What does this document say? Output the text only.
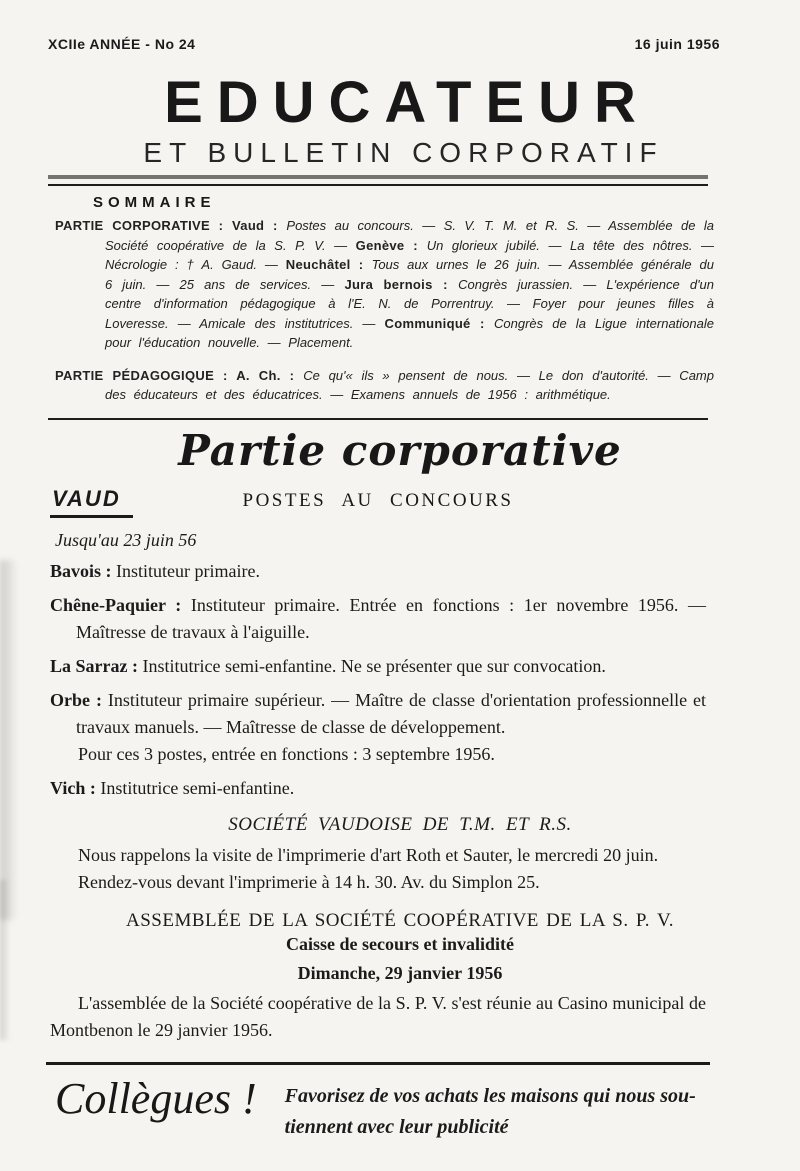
XCIIe ANNÉE - No 24	16 juin 1956
EDUCATEUR
ET BULLETIN CORPORATIF
SOMMAIRE

PARTIE CORPORATIVE : Vaud : Postes au concours. — S. V. T. M. et R. S. — Assemblée de la Société coopérative de la S. P. V. — Genève : Un glorieux jubilé. — La tête des nôtres. — Nécrologie : † A. Gaud. — Neuchâtel : Tous aux urnes le 26 juin. — Assemblée générale du 6 juin. — 25 ans de services. — Jura bernois : Congrès jurassien. — L'expérience d'un centre d'information pédagogique à l'E. N. de Porrentruy. — Foyer pour jeunes filles à Loveresse. — Amicale des institutrices. — Communiqué : Congrès de la Ligue internationale pour l'éducation nouvelle. — Placement.

PARTIE PÉDAGOGIQUE : A. Ch. : Ce qu'« ils » pensent de nous. — Le don d'autorité. — Camp des éducateurs et des éducatrices. — Examens annuels de 1956 : arithmétique.

Partie corporative
VAUD	POSTES AU CONCOURS
Jusqu'au 23 juin 56

Bavois : Instituteur primaire.

Chêne-Paquier : Instituteur primaire. Entrée en fonctions : 1er novembre 1956. — Maîtresse de travaux à l'aiguille.

La Sarraz : Institutrice semi-enfantine. Ne se présenter que sur convocation.

Orbe : Instituteur primaire supérieur. — Maître de classe d'orientation professionnelle et travaux manuels. — Maîtresse de classe de développement.

Pour ces 3 postes, entrée en fonctions : 3 septembre 1956.

Vich : Institutrice semi-enfantine.

SOCIÉTÉ VAUDOISE DE T.M. ET R.S.

Nous rappelons la visite de l'imprimerie d'art Roth et Sauter, le mercredi 20 juin.

Rendez-vous devant l'imprimerie à 14 h. 30. Av. du Simplon 25.

ASSEMBLÉE DE LA SOCIÉTÉ COOPÉRATIVE DE LA S. P. V.
Caisse de secours et invalidité
Dimanche, 29 janvier 1956

L'assemblée de la Société coopérative de la S. P. V. s'est réunie au Casino municipal de Montbenon le 29 janvier 1956.

Collègues ! Favorisez de vos achats les maisons qui nous sou-
tiennent avec leur publicité
